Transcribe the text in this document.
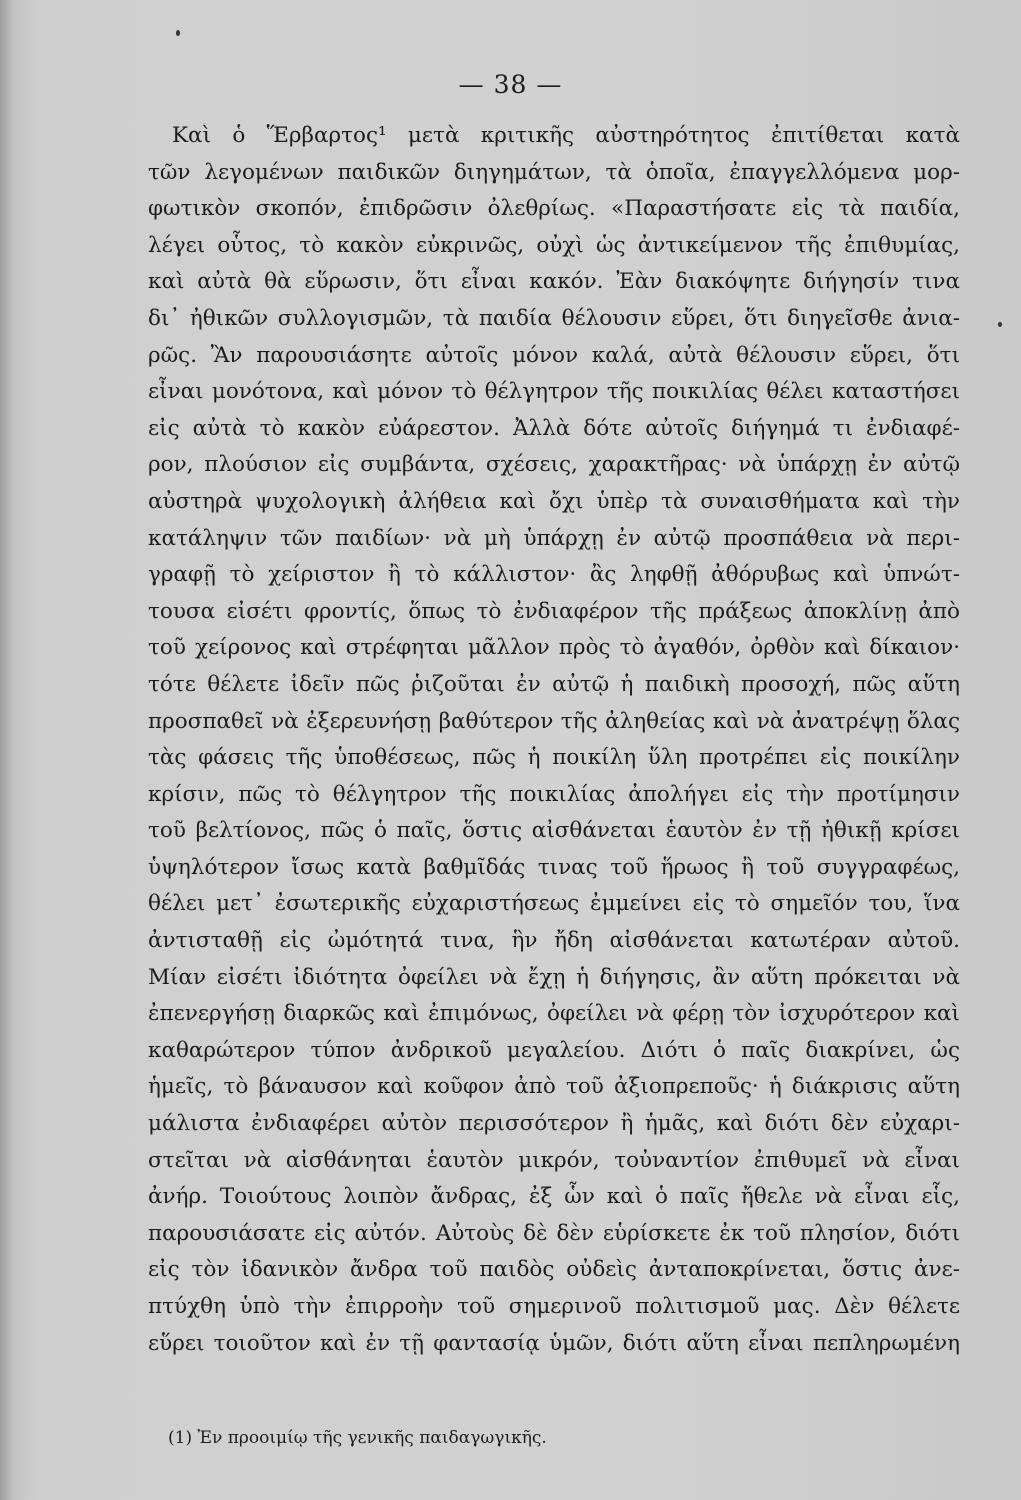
— 38 —
Καὶ ὁ Ἕρβαρτος¹ μετὰ κριτικῆς αὐστηρότητος ἐπιτίθεται κατὰ
τῶν λεγομένων παιδικῶν διηγημάτων, τὰ ὁποῖα, ἐπαγγελλόμενα μορ-
φωτικὸν σκοπόν, ἐπιδρῶσιν ὀλεθρίως. «Παραστήσατε εἰς τὰ παιδία,
λέγει οὗτος, τὸ κακὸν εὐκρινῶς, οὐχὶ ὡς ἀντικείμενον τῆς ἐπιθυμίας,
καὶ αὐτὰ θὰ εὕρωσιν, ὅτι εἶναι κακόν. Ἐὰν διακόψητε διήγησίν τινα
δι᾽ ἠθικῶν συλλογισμῶν, τὰ παιδία θέλουσιν εὕρει, ὅτι διηγεῖσθε ἀνια-
ρῶς. Ἂν παρουσιάσητε αὐτοῖς μόνον καλά, αὐτὰ θέλουσιν εὕρει, ὅτι
εἶναι μονότονα, καὶ μόνον τὸ θέλγητρον τῆς ποικιλίας θέλει καταστήσει
εἰς αὐτὰ τὸ κακὸν εὐάρεστον. Ἀλλὰ δότε αὐτοῖς διήγημά τι ἐνδιαφέ-
ρον, πλούσιον εἰς συμβάντα, σχέσεις, χαρακτῆρας· νὰ ὑπάρχῃ ἐν αὐτῷ
αὐστηρὰ ψυχολογικὴ ἀλήθεια καὶ ὄχι ὑπὲρ τὰ συναισθήματα καὶ τὴν
κατάληψιν τῶν παιδίων· νὰ μὴ ὑπάρχῃ ἐν αὐτῷ προσπάθεια νὰ περι-
γραφῇ τὸ χείριστον ἢ τὸ κάλλιστον· ἂς ληφθῇ ἀθόρυβως καὶ ὑπνώτ-
τουσα εἰσέτι φροντίς, ὅπως τὸ ἐνδιαφέρον τῆς πράξεως ἀποκλίνῃ ἀπὸ
τοῦ χείρονος καὶ στρέφηται μᾶλλον πρὸς τὸ ἀγαθόν, ὀρθὸν καὶ δίκαιον·
τότε θέλετε ἰδεῖν πῶς ῥιζοῦται ἐν αὐτῷ ἡ παιδικὴ προσοχή, πῶς αὕτη
προσπαθεῖ νὰ ἐξερευνήσῃ βαθύτερον τῆς ἀληθείας καὶ νὰ ἀνατρέψῃ ὅλας
τὰς φάσεις τῆς ὑποθέσεως, πῶς ἡ ποικίλη ὕλη προτρέπει εἰς ποικίλην
κρίσιν, πῶς τὸ θέλγητρον τῆς ποικιλίας ἀπολήγει εἰς τὴν προτίμησιν
τοῦ βελτίονος, πῶς ὁ παῖς, ὅστις αἰσθάνεται ἑαυτὸν ἐν τῇ ἠθικῇ κρίσει
ὑψηλότερον ἴσως κατὰ βαθμῖδάς τινας τοῦ ἥρωος ἢ τοῦ συγγραφέως,
θέλει μετ᾽ ἐσωτερικῆς εὐχαριστήσεως ἐμμείνει εἰς τὸ σημεῖόν του, ἵνα
ἀντισταθῇ εἰς ὠμότητά τινα, ἣν ἤδη αἰσθάνεται κατωτέραν αὐτοῦ.
Μίαν εἰσέτι ἰδιότητα ὀφείλει νὰ ἔχῃ ἡ διήγησις, ἂν αὕτη πρόκειται νὰ
ἐπενεργήσῃ διαρκῶς καὶ ἐπιμόνως, ὀφείλει νὰ φέρῃ τὸν ἰσχυρότερον καὶ
καθαρώτερον τύπον ἀνδρικοῦ μεγαλείου. Διότι ὁ παῖς διακρίνει, ὡς
ἡμεῖς, τὸ βάναυσον καὶ κοῦφον ἀπὸ τοῦ ἀξιοπρεποῦς· ἡ διάκρισις αὕτη
μάλιστα ἐνδιαφέρει αὐτὸν περισσότερον ἢ ἡμᾶς, καὶ διότι δὲν εὐχαρι-
στεῖται νὰ αἰσθάνηται ἑαυτὸν μικρόν, τοὐναντίον ἐπιθυμεῖ νὰ εἶναι
ἀνήρ. Τοιούτους λοιπὸν ἄνδρας, ἐξ ὧν καὶ ὁ παῖς ἤθελε νὰ εἶναι εἷς,
παρουσιάσατε εἰς αὐτόν. Αὐτοὺς δὲ δὲν εὑρίσκετε ἐκ τοῦ πλησίον, διότι
εἰς τὸν ἰδανικὸν ἄνδρα τοῦ παιδὸς οὐδεὶς ἀνταποκρίνεται, ὅστις ἀνε-
πτύχθη ὑπὸ τὴν ἐπιρροὴν τοῦ σημερινοῦ πολιτισμοῦ μας. Δὲν θέλετε
εὕρει τοιοῦτον καὶ ἐν τῇ φαντασίᾳ ὑμῶν, διότι αὕτη εἶναι πεπληρωμένη
(1) Ἐν προοιμίῳ τῆς γενικῆς παιδαγωγικῆς.
